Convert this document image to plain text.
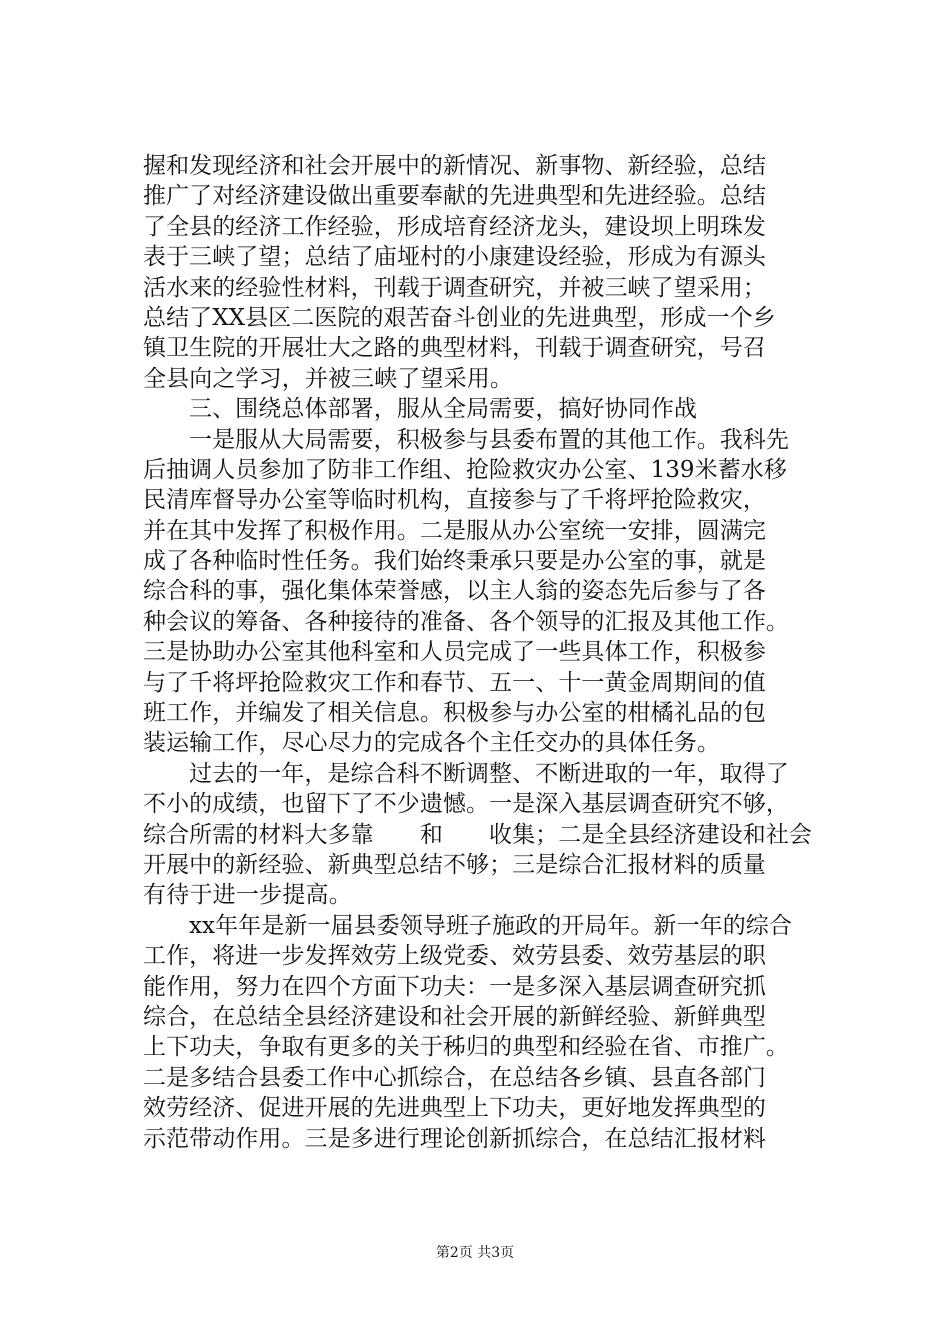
握和发现经济和社会开展中的新情况、新事物、新经验，总结
推广了对经济建设做出重要奉献的先进典型和先进经验。总结
了全县的经济工作经验，形成培育经济龙头，建设坝上明珠发
表于三峡了望；总结了庙垭村的小康建设经验，形成为有源头
活水来的经验性材料，刊载于调查研究，并被三峡了望采用；
总结了XX县区二医院的艰苦奋斗创业的先进典型，形成一个乡
镇卫生院的开展壮大之路的典型材料，刊载于调查研究，号召
全县向之学习，并被三峡了望采用。
三、围绕总体部署，服从全局需要，搞好协同作战
一是服从大局需要，积极参与县委布置的其他工作。我科先
后抽调人员参加了防非工作组、抢险救灾办公室、139米蓄水移
民清库督导办公室等临时机构，直接参与了千将坪抢险救灾，
并在其中发挥了积极作用。二是服从办公室统一安排，圆满完
成了各种临时性任务。我们始终秉承只要是办公室的事，就是
综合科的事，强化集体荣誉感，以主人翁的姿态先后参与了各
种会议的筹备、各种接待的准备、各个领导的汇报及其他工作。
三是协助办公室其他科室和人员完成了一些具体工作，积极参
与了千将坪抢险救灾工作和春节、五一、十一黄金周期间的值
班工作，并编发了相关信息。积极参与办公室的柑橘礼品的包
装运输工作，尽心尽力的完成各个主任交办的具体任务。
过去的一年，是综合科不断调整、不断进取的一年，取得了
不小的成绩，也留下了不少遗憾。一是深入基层调查研究不够，
综合所需的材料大多靠　　和　　收集；二是全县经济建设和社会
开展中的新经验、新典型总结不够；三是综合汇报材料的质量
有待于进一步提高。
xx年年是新一届县委领导班子施政的开局年。新一年的综合
工作，将进一步发挥效劳上级党委、效劳县委、效劳基层的职
能作用，努力在四个方面下功夫：一是多深入基层调查研究抓
综合，在总结全县经济建设和社会开展的新鲜经验、新鲜典型
上下功夫，争取有更多的关于秭归的典型和经验在省、市推广。
二是多结合县委工作中心抓综合，在总结各乡镇、县直各部门
效劳经济、促进开展的先进典型上下功夫，更好地发挥典型的
示范带动作用。三是多进行理论创新抓综合，在总结汇报材料
第2页 共3页
